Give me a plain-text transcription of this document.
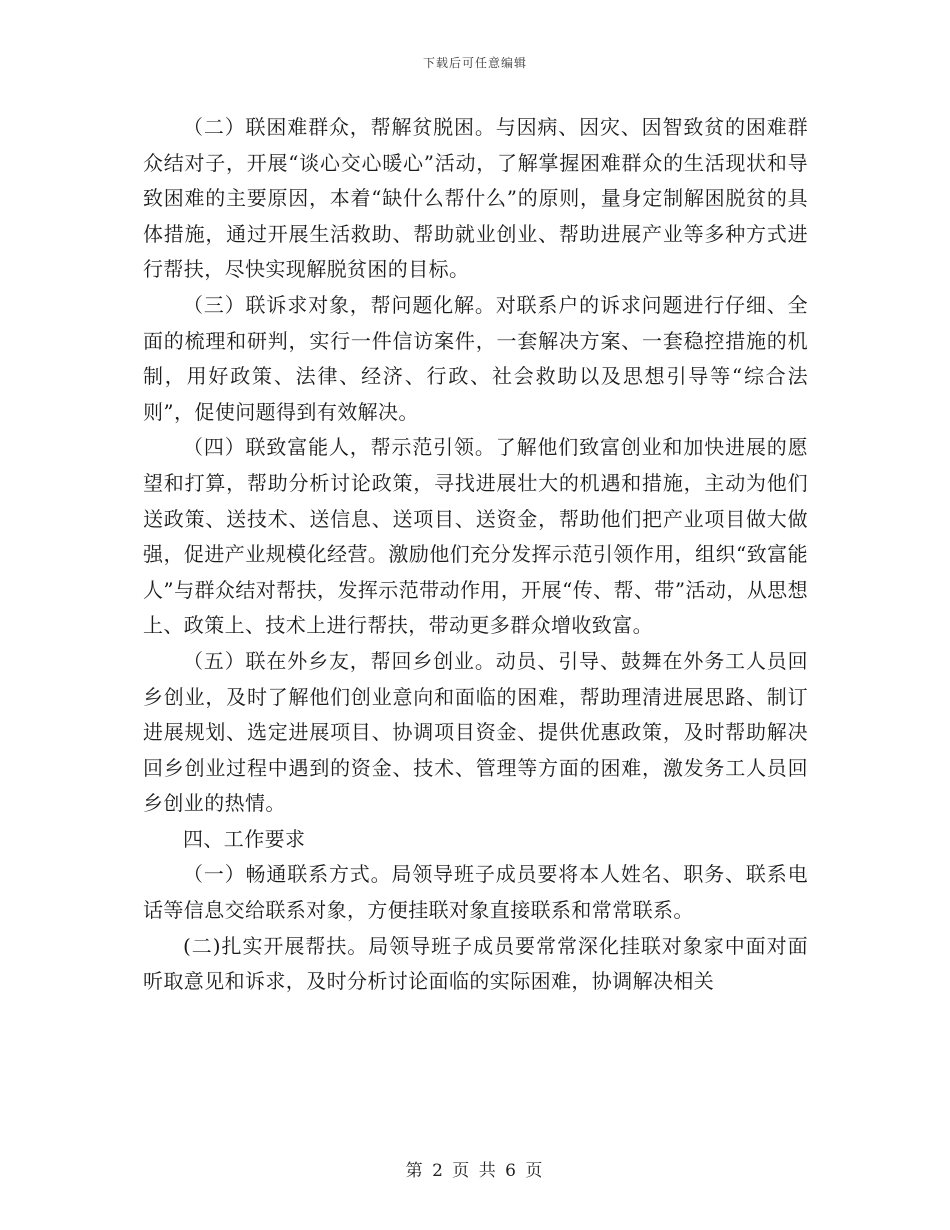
下载后可任意编辑

（二）联困难群众，帮解贫脱困。与因病、因灾、因智致贫的困难群众结对子，开展“谈心交心暖心”活动，了解掌握困难群众的生活现状和导致困难的主要原因，本着“缺什么帮什么”的原则，量身定制解困脱贫的具体措施，通过开展生活救助、帮助就业创业、帮助进展产业等多种方式进行帮扶，尽快实现解脱贫困的目标。

（三）联诉求对象，帮问题化解。对联系户的诉求问题进行仔细、全面的梳理和研判，实行一件信访案件，一套解决方案、一套稳控措施的机制，用好政策、法律、经济、行政、社会救助以及思想引导等“综合法则”，促使问题得到有效解决。

（四）联致富能人，帮示范引领。了解他们致富创业和加快进展的愿望和打算，帮助分析讨论政策，寻找进展壮大的机遇和措施，主动为他们送政策、送技术、送信息、送项目、送资金，帮助他们把产业项目做大做强，促进产业规模化经营。激励他们充分发挥示范引领作用，组织“致富能人”与群众结对帮扶，发挥示范带动作用，开展“传、帮、带”活动，从思想上、政策上、技术上进行帮扶，带动更多群众增收致富。

（五）联在外乡友，帮回乡创业。动员、引导、鼓舞在外务工人员回乡创业，及时了解他们创业意向和面临的困难，帮助理清进展思路、制订进展规划、选定进展项目、协调项目资金、提供优惠政策，及时帮助解决回乡创业过程中遇到的资金、技术、管理等方面的困难，激发务工人员回乡创业的热情。

四、工作要求

（一）畅通联系方式。局领导班子成员要将本人姓名、职务、联系电话等信息交给联系对象，方便挂联对象直接联系和常常联系。

(二)扎实开展帮扶。局领导班子成员要常常深化挂联对象家中面对面听取意见和诉求，及时分析讨论面临的实际困难，协调解决相关

第 2 页 共 6 页
